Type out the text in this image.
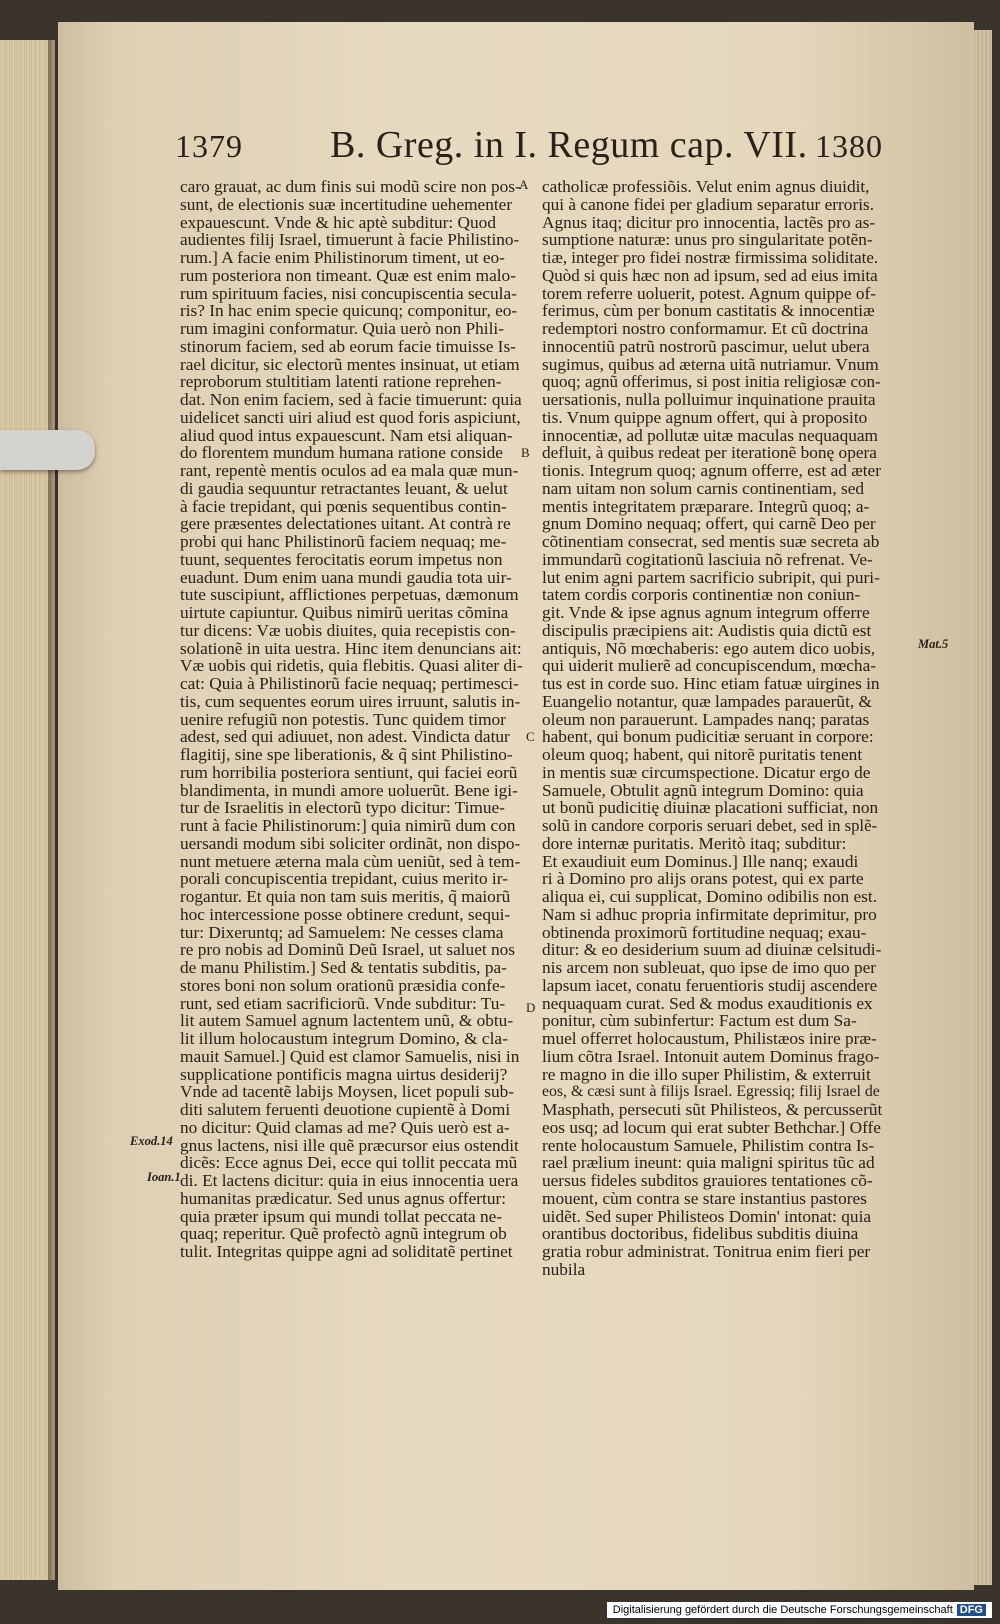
1379 B. Greg. in I. Regum cap. VII. 1380
caro grauat, ac dum finis sui modũ scire non pos-
sunt, de electionis suæ incertitudine uehementer
expauescunt. Vnde & hic aptè subditur: Quod
audientes filij Israel, timuerunt à facie Philistino-
rum.] A facie enim Philistinorum timent, ut eo-
rum posteriora non timeant. Quæ est enim malo-
rum spirituum facies, nisi concupiscentia secula-
ris? In hac enim specie quicunq; componitur, eo-
rum imagini conformatur. Quia uerò non Phili-
stinorum faciem, sed ab eorum facie timuisse Is-
rael dicitur, sic electorũ mentes insinuat, ut etiam
reproborum stultitiam latenti ratione reprehen-
dat. Non enim faciem, sed à facie timuerunt: quia
uidelicet sancti uiri aliud est quod foris aspiciunt,
aliud quod intus expauescunt. Nam etsi aliquan-
do florentem mundum humana ratione conside
rant, repentè mentis oculos ad ea mala quæ mun-
di gaudia sequuntur retractantes leuant, & uelut
à facie trepidant, qui pœnis sequentibus contin-
gere præsentes delectationes uitant. At contrà re
probi qui hanc Philistinorũ faciem nequaq; me-
tuunt, sequentes ferocitatis eorum impetus non
euadunt. Dum enim uana mundi gaudia tota uir-
tute suscipiunt, afflictiones perpetuas, dæmonum
uirtute capiuntur. Quibus nimirũ ueritas cõmina
tur dicens: Væ uobis diuites, quia recepistis con-
solationẽ in uita uestra. Hinc item denuncians ait:
Væ uobis qui ridetis, quia flebitis. Quasi aliter di-
cat: Quia à Philistinorũ facie nequaq; pertimesci-
tis, cum sequentes eorum uires irruunt, salutis in-
uenire refugiũ non potestis. Tunc quidem timor
adest, sed qui adiuuet, non adest. Vindicta datur
flagitij, sine spe liberationis, & q̃ sint Philistino-
rum horribilia posteriora sentiunt, qui faciei eorũ
blandimenta, in mundi amore uoluerũt. Bene igi-
tur de Israelitis in electorũ typo dicitur: Timue-
runt à facie Philistinorum:] quia nimirũ dum con
uersandi modum sibi soliciter ordinãt, non dispo-
nunt metuere æterna mala cùm ueniũt, sed à tem-
porali concupiscentia trepidant, cuius merito ir-
rogantur. Et quia non tam suis meritis, q̃ maiorũ
hoc intercessione posse obtinere credunt, sequi-
tur: Dixeruntq; ad Samuelem: Ne cesses clama
re pro nobis ad Dominũ Deũ Israel, ut saluet nos
de manu Philistim.] Sed & tentatis subditis, pa-
stores boni non solum orationũ præsidia confe-
runt, sed etiam sacrificiorũ. Vnde subditur: Tu-
lit autem Samuel agnum lactentem unũ, & obtu-
lit illum holocaustum integrum Domino, & cla-
mauit Samuel.] Quid est clamor Samuelis, nisi in
supplicatione pontificis magna uirtus desiderij?
Vnde ad tacentẽ labijs Moysen, licet populi sub-
diti salutem feruenti deuotione cupientẽ à Domi
no dicitur: Quid clamas ad me? Quis uerò est a-
gnus lactens, nisi ille quẽ præcursor eius ostendit
dicẽs: Ecce agnus Dei, ecce qui tollit peccata mũ
di. Et lactens dicitur: quia in eius innocentia uera
humanitas prædicatur. Sed unus agnus offertur:
quia præter ipsum qui mundi tollat peccata ne-
quaq; reperitur. Quẽ profectò agnũ integrum ob
tulit. Integritas quippe agni ad soliditatẽ pertinet
catholicæ professiõis. Velut enim agnus diuidit,
qui à canone fidei per gladium separatur erroris.
Agnus itaq; dicitur pro innocentia, lactẽs pro as-
sumptione naturæ: unus pro singularitate potẽn-
tiæ, integer pro fidei nostræ firmissima soliditate.
Quòd si quis hæc non ad ipsum, sed ad eius imita
torem referre uoluerit, potest. Agnum quippe of-
ferimus, cùm per bonum castitatis & innocentiæ
redemptori nostro conformamur. Et cũ doctrina
innocentiũ patrũ nostrorũ pascimur, uelut ubera
sugimus, quibus ad æterna uitã nutriamur. Vnum
quoq; agnũ offerimus, si post initia religiosæ con-
uersationis, nulla polluimur inquinatione prauita
tis. Vnum quippe agnum offert, qui à proposito
innocentiæ, ad pollutæ uitæ maculas nequaquam
defluit, à quibus redeat per iterationẽ bonę opera
tionis. Integrum quoq; agnum offerre, est ad æter
nam uitam non solum carnis continentiam, sed
mentis integritatem præparare. Integrũ quoq; a-
gnum Domino nequaq; offert, qui carnẽ Deo per
cõtinentiam consecrat, sed mentis suæ secreta ab
immundarũ cogitationũ lasciuia nõ refrenat. Ve-
lut enim agni partem sacrificio subripit, qui puri-
tatem cordis corporis continentiæ non coniun-
git. Vnde & ipse agnus agnum integrum offerre
discipulis præcipiens ait: Audistis quia dictũ est
antiquis, Nõ mœchaberis: ego autem dico uobis,
qui uiderit mulierẽ ad concupiscendum, mœcha-
tus est in corde suo. Hinc etiam fatuæ uirgines in
Euangelio notantur, quæ lampades parauerũt, &
oleum non parauerunt. Lampades nanq; paratas
habent, qui bonum pudicitiæ seruant in corpore:
oleum quoq; habent, qui nitorẽ puritatis tenent
in mentis suæ circumspectione. Dicatur ergo de
Samuele, Obtulit agnũ integrum Domino: quia
ut bonũ pudicitię diuinæ placationi sufficiat, non
solũ in candore corporis seruari debet, sed in splẽ-
dore internæ puritatis. Meritò itaq; subditur:
Et exaudiuit eum Dominus.] Ille nanq; exaudi
ri à Domino pro alijs orans potest, qui ex parte
aliqua ei, cui supplicat, Domino odibilis non est.
Nam si adhuc propria infirmitate deprimitur, pro
obtinenda proximorũ fortitudine nequaq; exau-
ditur: & eo desiderium suum ad diuinæ celsitudi-
nis arcem non subleuat, quo ipse de imo quo per
lapsum iacet, conatu feruentioris studij ascendere
nequaquam curat. Sed & modus exauditionis ex
ponitur, cùm subinfertur: Factum est dum Sa-
muel offerret holocaustum, Philistæos inire præ-
lium cõtra Israel. Intonuit autem Dominus frago-
re magno in die illo super Philistim, & exterruit
eos, & cæsi sunt à filijs Israel. Egressiq; filij Israel de
Masphath, persecuti sũt Philisteos, & percusserũt
eos usq; ad locum qui erat subter Bethchar.] Offe
rente holocaustum Samuele, Philistim contra Is-
rael prælium ineunt: quia maligni spiritus tũc ad
uersus fideles subditos grauiores tentationes cõ-
mouent, cùm contra se stare instantius pastores
uidẽt. Sed super Philisteos Domin' intonat: quia
orantibus doctoribus, fidelibus subditis diuina
gratia robur administrat. Tonitrua enim fieri per
nubila
A
B
C
D
Exod.14
Ioan.1
Mat.5
Digitalisierung gefördert durch die Deutsche Forschungsgemeinschaft DFG
